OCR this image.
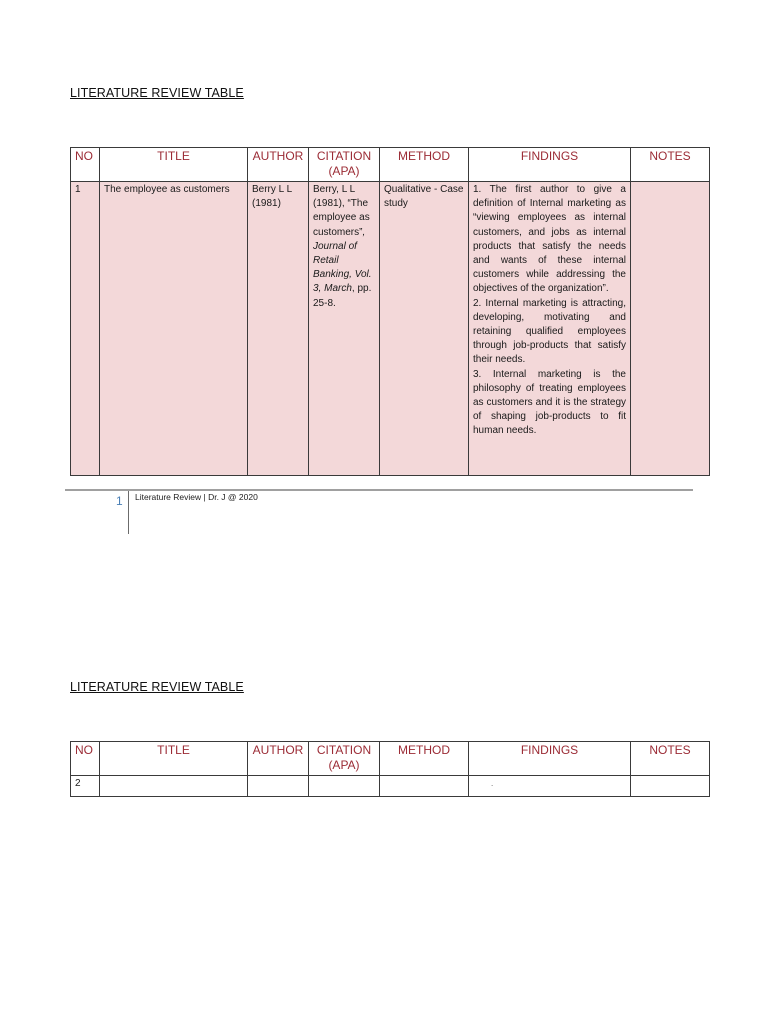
LITERATURE REVIEW TABLE
NO	TITLE	AUTHOR	CITATION (APA)	METHOD	FINDINGS	NOTES
1	The employee as customers	Berry L L (1981)	Berry, L L (1981), “The employee as customers”, Journal of Retail Banking, Vol. 3, March, pp. 25-8.	Qualitative - Case study	1. The first author to give a definition of Internal marketing as “viewing employees as internal customers, and jobs as internal products that satisfy the needs and wants of these internal customers while addressing the objectives of the organization”.
2. Internal marketing is attracting, developing, motivating and retaining qualified employees through job-products that satisfy their needs.
3. Internal marketing is the philosophy of treating employees as customers and it is the strategy of shaping job-products to fit human needs.	

1 Literature Review | Dr. J @ 2020
LITERATURE REVIEW TABLE
NO	TITLE	AUTHOR	CITATION (APA)	METHOD	FINDINGS	NOTES
2					.	
